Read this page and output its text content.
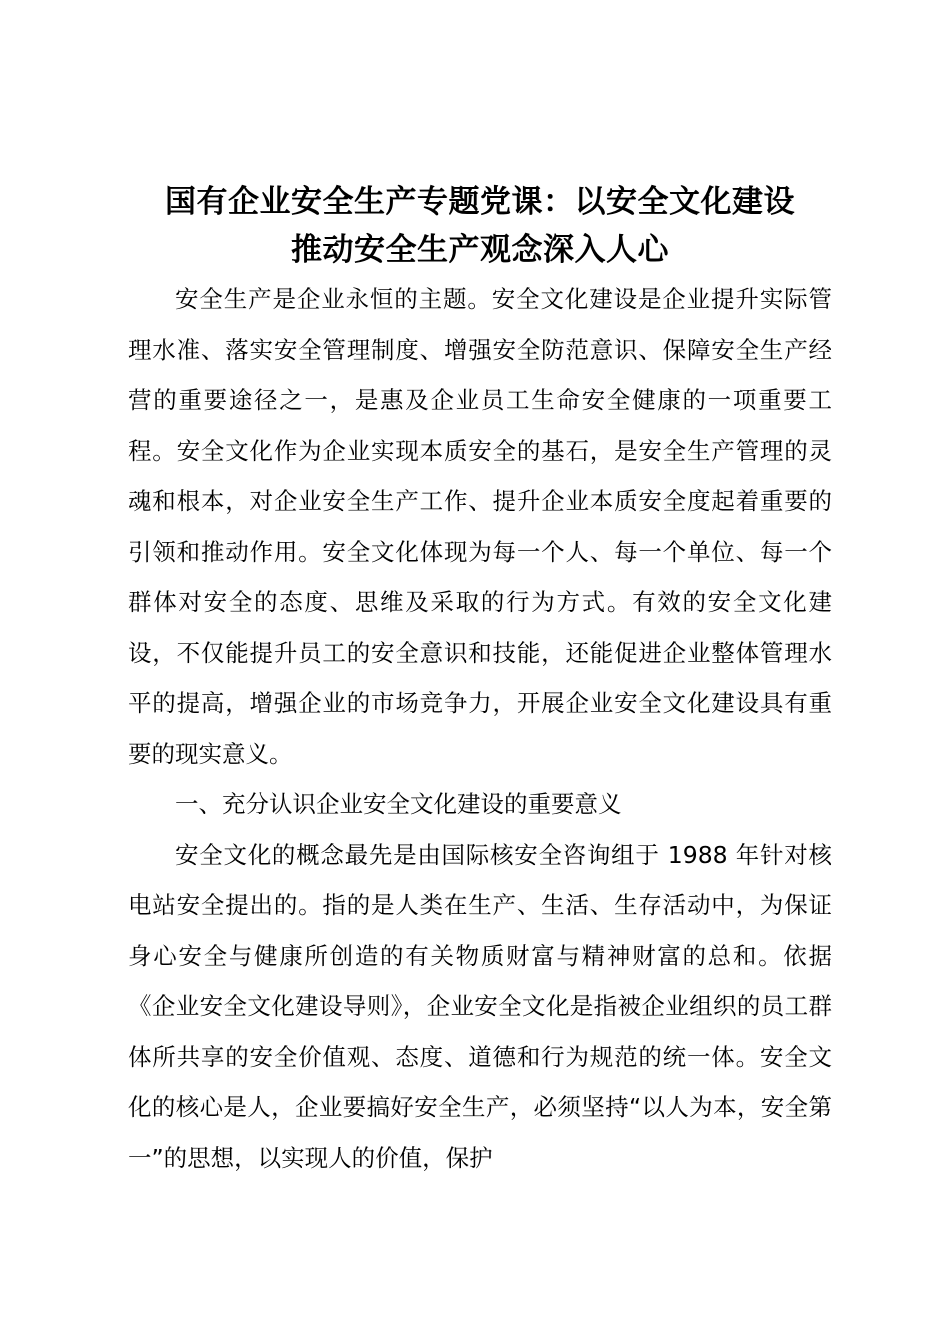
国有企业安全生产专题党课：以安全文化建设
推动安全生产观念深入人心

安全生产是企业永恒的主题。安全文化建设是企业提升实际管理水准、落实安全管理制度、增强安全防范意识、保障安全生产经营的重要途径之一，是惠及企业员工生命安全健康的一项重要工程。安全文化作为企业实现本质安全的基石，是安全生产管理的灵魂和根本，对企业安全生产工作、提升企业本质安全度起着重要的引领和推动作用。安全文化体现为每一个人、每一个单位、每一个群体对安全的态度、思维及采取的行为方式。有效的安全文化建设，不仅能提升员工的安全意识和技能，还能促进企业整体管理水平的提高，增强企业的市场竞争力，开展企业安全文化建设具有重要的现实意义。

一、充分认识企业安全文化建设的重要意义

安全文化的概念最先是由国际核安全咨询组于 1988 年针对核电站安全提出的。指的是人类在生产、生活、生存活动中，为保证身心安全与健康所创造的有关物质财富与精神财富的总和。依据《企业安全文化建设导则》，企业安全文化是指被企业组织的员工群体所共享的安全价值观、态度、道德和行为规范的统一体。安全文化的核心是人，企业要搞好安全生产，必须坚持“以人为本，安全第一”的思想，以实现人的价值，保护
